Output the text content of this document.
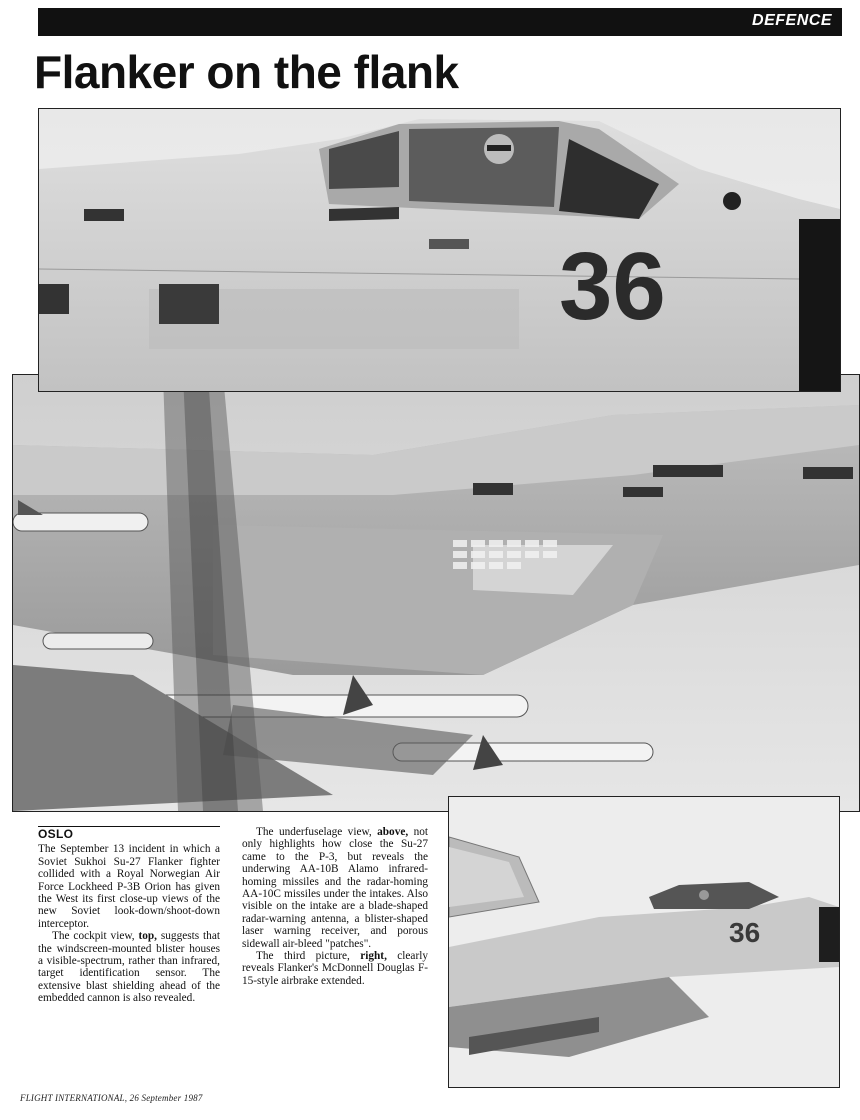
DEFENCE
Flanker on the flank
36
36
OSLO

The September 13 incident in which a Soviet Sukhoi Su-27 Flanker fighter collided with a Royal Norwegian Air Force Lockheed P-3B Orion has given the West its first close-up views of the new Soviet look-down/shoot-down interceptor.

The cockpit view, top, suggests that the windscreen-mounted blister houses a visible-spectrum, rather than infrared, target identification sensor. The extensive blast shielding ahead of the embedded cannon is also revealed.

The underfuselage view, above, not only highlights how close the Su-27 came to the P-3, but reveals the underwing AA-10B Alamo infrared-homing missiles and the radar-homing AA-10C missiles under the intakes. Also visible on the intake are a blade-shaped radar-warning antenna, a blister-shaped laser warning receiver, and porous sidewall air-bleed "patches".

The third picture, right, clearly reveals Flanker's McDonnell Douglas F-15-style airbrake extended.

FLIGHT INTERNATIONAL, 26 September 1987
